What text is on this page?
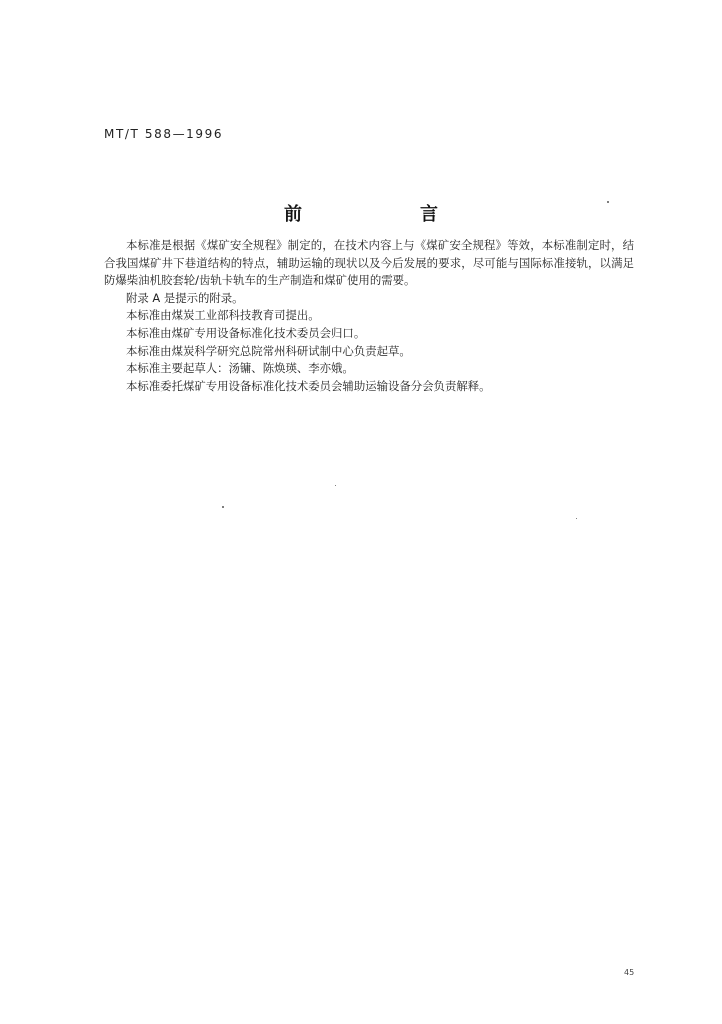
MT/T 588—1996
前　言

本标准是根据《煤矿安全规程》制定的，在技术内容上与《煤矿安全规程》等效，本标准制定时，结合我国煤矿井下巷道结构的特点，辅助运输的现状以及今后发展的要求，尽可能与国际标准接轨，以满足防爆柴油机胶套轮/齿轨卡轨车的生产制造和煤矿使用的需要。

附录 A 是提示的附录。

本标准由煤炭工业部科技教育司提出。

本标准由煤矿专用设备标准化技术委员会归口。

本标准由煤炭科学研究总院常州科研试制中心负责起草。

本标准主要起草人：汤镛、陈焕瑛、李亦娥。

本标准委托煤矿专用设备标准化技术委员会辅助运输设备分会负责解释。

45
